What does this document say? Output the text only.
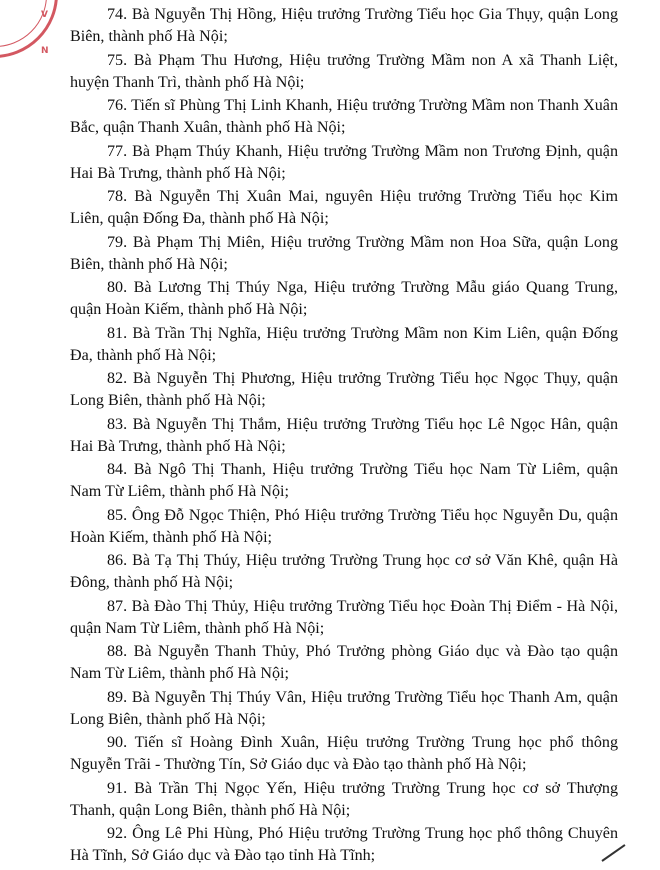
V

N

74. Bà Nguyễn Thị Hồng, Hiệu trưởng Trường Tiểu học Gia Thụy, quận Long Biên, thành phố Hà Nội;

75. Bà Phạm Thu Hương, Hiệu trưởng Trường Mầm non A xã Thanh Liệt, huyện Thanh Trì, thành phố Hà Nội;

76. Tiến sĩ Phùng Thị Linh Khanh, Hiệu trưởng Trường Mầm non Thanh Xuân Bắc, quận Thanh Xuân, thành phố Hà Nội;

77. Bà Phạm Thúy Khanh, Hiệu trưởng Trường Mầm non Trương Định, quận Hai Bà Trưng, thành phố Hà Nội;

78. Bà Nguyễn Thị Xuân Mai, nguyên Hiệu trưởng Trường Tiểu học Kim Liên, quận Đống Đa, thành phố Hà Nội;

79. Bà Phạm Thị Miên, Hiệu trưởng Trường Mầm non Hoa Sữa, quận Long Biên, thành phố Hà Nội;

80. Bà Lương Thị Thúy Nga, Hiệu trưởng Trường Mẫu giáo Quang Trung, quận Hoàn Kiếm, thành phố Hà Nội;

81. Bà Trần Thị Nghĩa, Hiệu trưởng Trường Mầm non Kim Liên, quận Đống Đa, thành phố Hà Nội;

82. Bà Nguyễn Thị Phương, Hiệu trưởng Trường Tiểu học Ngọc Thụy, quận Long Biên, thành phố Hà Nội;

83. Bà Nguyễn Thị Thắm, Hiệu trưởng Trường Tiểu học Lê Ngọc Hân, quận Hai Bà Trưng, thành phố Hà Nội;

84. Bà Ngô Thị Thanh, Hiệu trưởng Trường Tiểu học Nam Từ Liêm, quận Nam Từ Liêm, thành phố Hà Nội;

85. Ông Đỗ Ngọc Thiện, Phó Hiệu trưởng Trường Tiểu học Nguyễn Du, quận Hoàn Kiếm, thành phố Hà Nội;

86. Bà Tạ Thị Thúy, Hiệu trưởng Trường Trung học cơ sở Văn Khê, quận Hà Đông, thành phố Hà Nội;

87. Bà Đào Thị Thủy, Hiệu trưởng Trường Tiểu học Đoàn Thị Điểm - Hà Nội, quận Nam Từ Liêm, thành phố Hà Nội;

88. Bà Nguyễn Thanh Thủy, Phó Trưởng phòng Giáo dục và Đào tạo quận Nam Từ Liêm, thành phố Hà Nội;

89. Bà Nguyễn Thị Thúy Vân, Hiệu trưởng Trường Tiểu học Thanh Am, quận Long Biên, thành phố Hà Nội;

90. Tiến sĩ Hoàng Đình Xuân, Hiệu trưởng Trường Trung học phổ thông Nguyễn Trãi - Thường Tín, Sở Giáo dục và Đào tạo thành phố Hà Nội;

91. Bà Trần Thị Ngọc Yến, Hiệu trưởng Trường Trung học cơ sở Thượng Thanh, quận Long Biên, thành phố Hà Nội;

92. Ông Lê Phi Hùng, Phó Hiệu trưởng Trường Trung học phổ thông Chuyên Hà Tĩnh, Sở Giáo dục và Đào tạo tỉnh Hà Tĩnh;
